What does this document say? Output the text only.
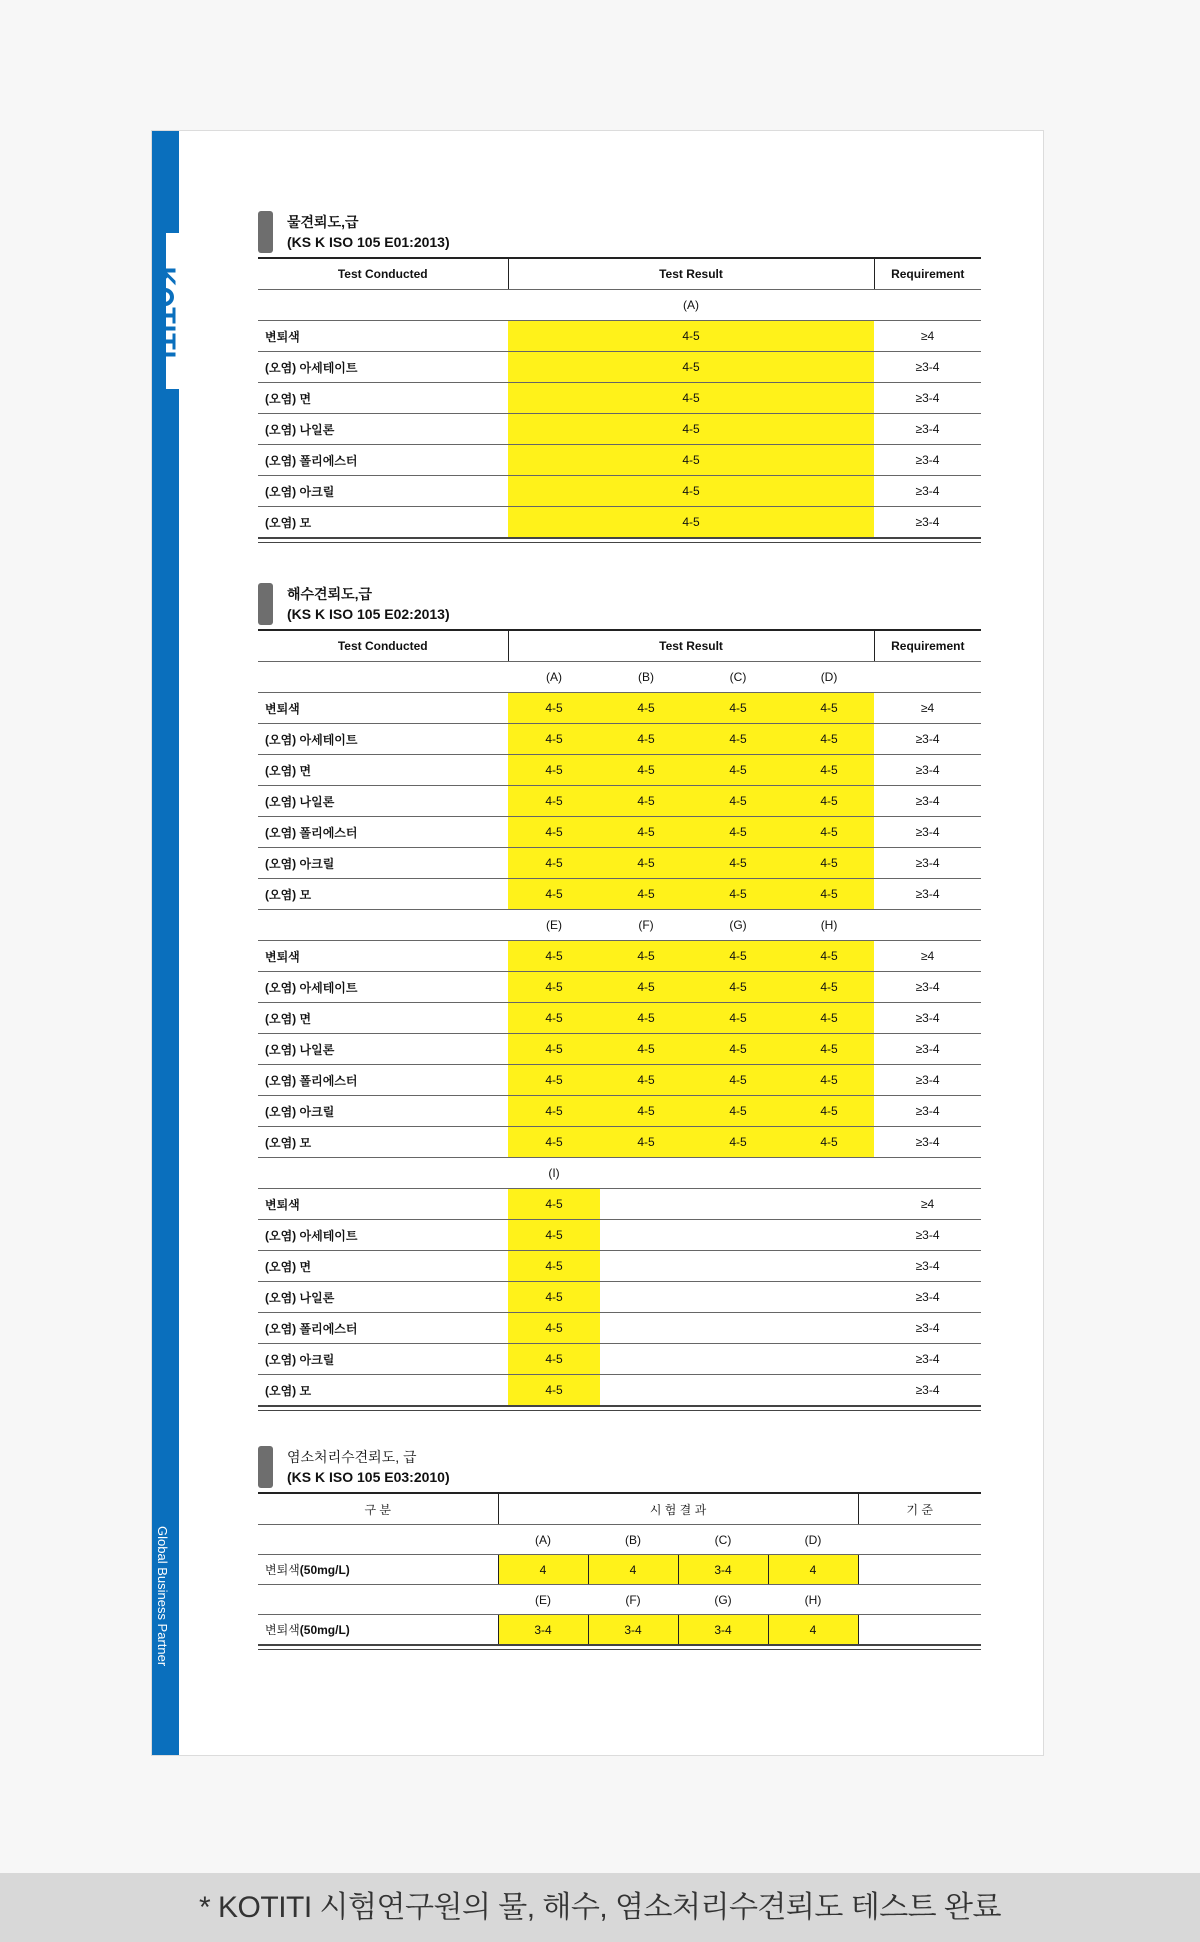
Global Business Partner
KTITI
물견뢰도,급
(KS K ISO 105 E01:2013)
Test Conducted	Test Result	Requirement
	(A)	
변퇴색	4-5	≥4
(오염) 아세테이트	4-5	≥3-4
(오염) 면	4-5	≥3-4
(오염) 나일론	4-5	≥3-4
(오염) 폴리에스터	4-5	≥3-4
(오염) 아크릴	4-5	≥3-4
(오염) 모	4-5	≥3-4
해수견뢰도,급
(KS K ISO 105 E02:2013)
Test Conducted	Test Result				Requirement
	(A)	(B)	(C)	(D)	
변퇴색	4-5	4-5	4-5	4-5	≥4
(오염) 아세테이트	4-5	4-5	4-5	4-5	≥3-4
(오염) 면	4-5	4-5	4-5	4-5	≥3-4
(오염) 나일론	4-5	4-5	4-5	4-5	≥3-4
(오염) 폴리에스터	4-5	4-5	4-5	4-5	≥3-4
(오염) 아크릴	4-5	4-5	4-5	4-5	≥3-4
(오염) 모	4-5	4-5	4-5	4-5	≥3-4
	(E)	(F)	(G)	(H)	
변퇴색	4-5	4-5	4-5	4-5	≥4
(오염) 아세테이트	4-5	4-5	4-5	4-5	≥3-4
(오염) 면	4-5	4-5	4-5	4-5	≥3-4
(오염) 나일론	4-5	4-5	4-5	4-5	≥3-4
(오염) 폴리에스터	4-5	4-5	4-5	4-5	≥3-4
(오염) 아크릴	4-5	4-5	4-5	4-5	≥3-4
(오염) 모	4-5	4-5	4-5	4-5	≥3-4
	(I)				
변퇴색	4-5				≥4
(오염) 아세테이트	4-5				≥3-4
(오염) 면	4-5				≥3-4
(오염) 나일론	4-5				≥3-4
(오염) 폴리에스터	4-5				≥3-4
(오염) 아크릴	4-5				≥3-4
(오염) 모	4-5				≥3-4
염소처리수견뢰도, 급
(KS K ISO 105 E03:2010)
구 분	시 험 결 과				기 준
	(A)	(B)	(C)	(D)	
변퇴색(50mg/L)	4	4	3-4	4	
	(E)	(F)	(G)	(H)	
변퇴색(50mg/L)	3-4	3-4	3-4	4	
* KOTITI 시험연구원의 물, 해수, 염소처리수견뢰도 테스트 완료
